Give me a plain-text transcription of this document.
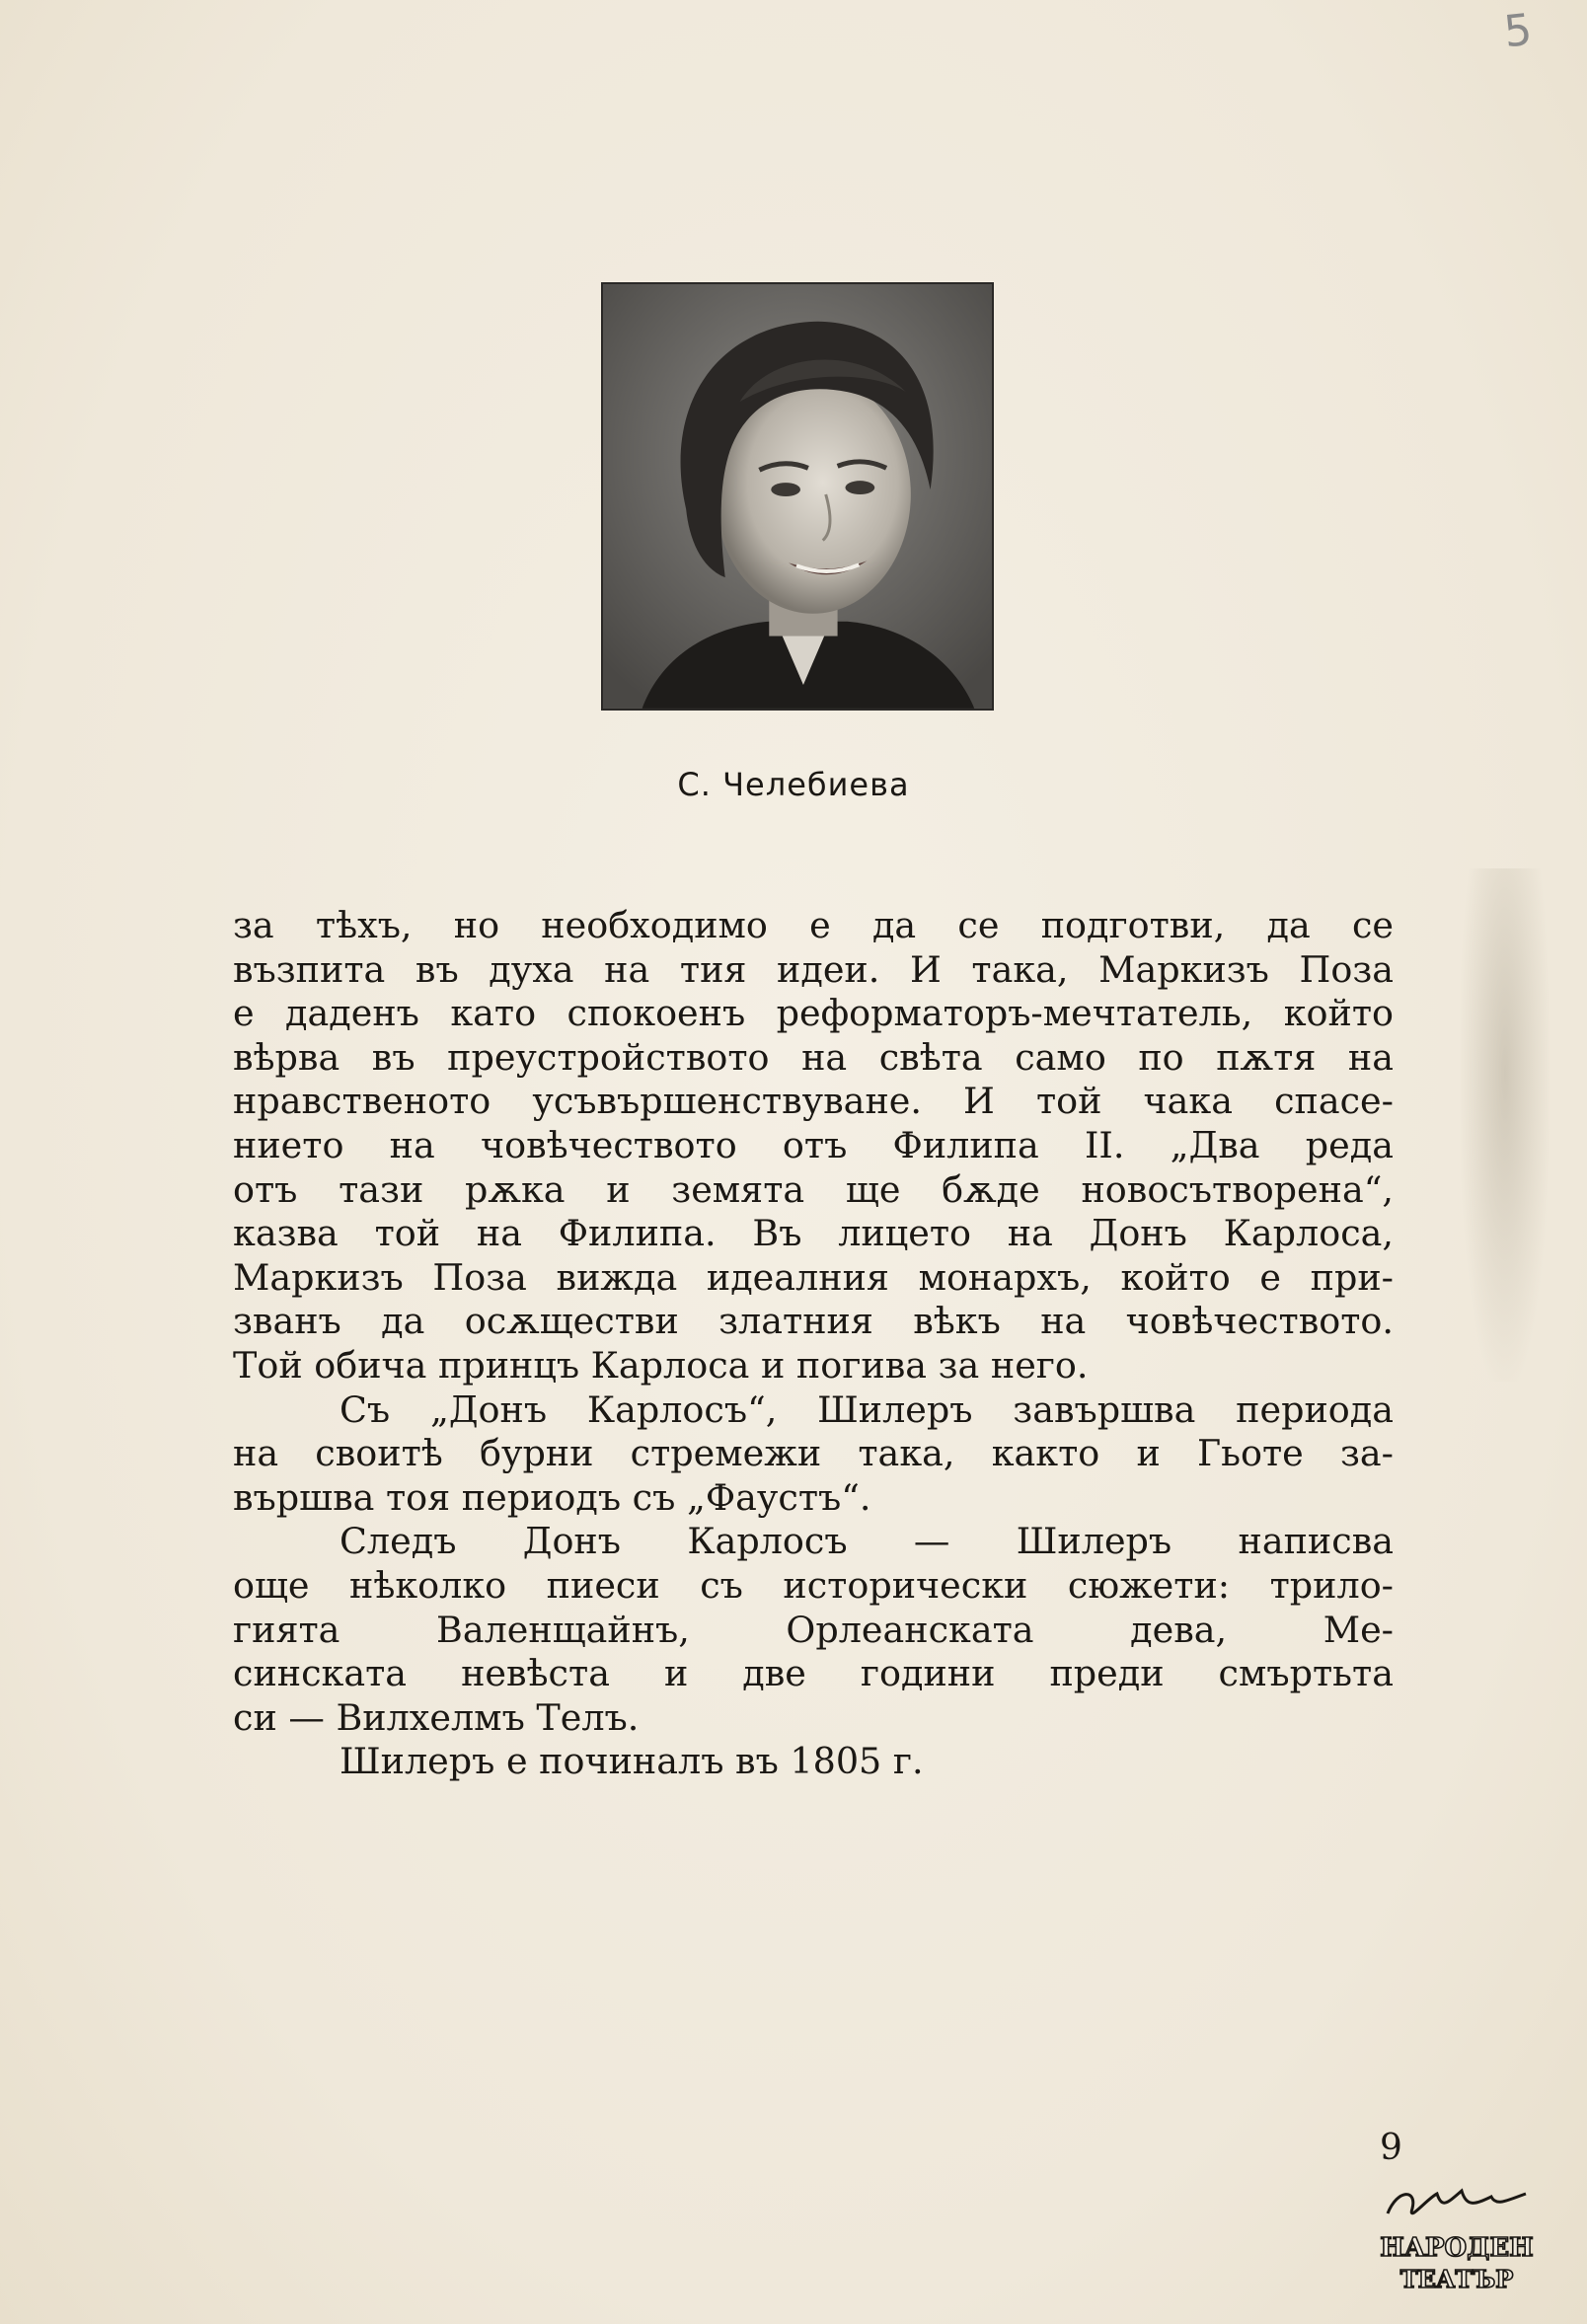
5
С. Челебиева
за тѣхъ, но необходимо е да се подготви, да се
възпита въ духа на тия идеи. И така, Маркизъ Поза
е даденъ като спокоенъ реформаторъ-мечтатель, който
вѣрва въ преустройството на свѣта само по пѫтя на
нравственото усъвършенствуване. И той чака спасе-
нието на човѣчеството отъ Филипа II. „Два реда
отъ тази рѫка и земята ще бѫде новосътворена“,
казва той на Филипа. Въ лицето на Донъ Карлоса,
Маркизъ Поза вижда идеалния монархъ, който е при-
званъ да осѫществи златния вѣкъ на човѣчеството.
Той обича принцъ Карлоса и погива за него.
Съ „Донъ Карлосъ“, Шилеръ завършва периода
на своитѣ бурни стремежи така, както и Гьоте за-
вършва тоя периодъ съ „Фаустъ“.
Следъ Донъ Карлосъ — Шилеръ написва
още нѣколко пиеси съ исторически сюжети: трило-
гията Валенщайнъ, Орлеанската дева, Ме-
синската невѣста и две години преди смъртьта
си — Вилхелмъ Телъ.
Шилеръ е починалъ въ 1805 г.
9
НАРОДЕН
ТЕАТЪР
